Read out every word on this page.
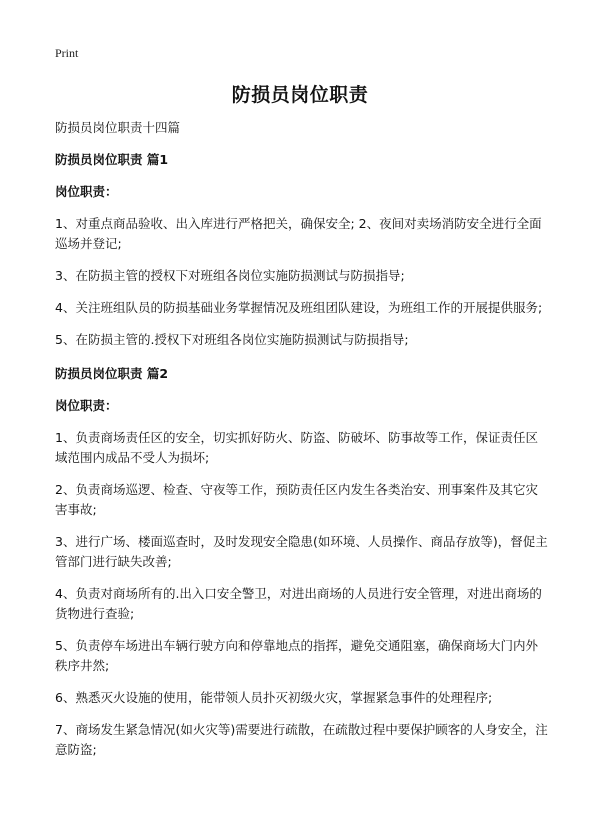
Print
防损员岗位职责

防损员岗位职责十四篇

防损员岗位职责 篇1

岗位职责：

1、对重点商品验收、出入库进行严格把关，确保安全; 2、夜间对卖场消防安全进行全面巡场并登记;

3、在防损主管的授权下对班组各岗位实施防损测试与防损指导;

4、关注班组队员的防损基础业务掌握情况及班组团队建设，为班组工作的开展提供服务;

5、在防损主管的.授权下对班组各岗位实施防损测试与防损指导;

防损员岗位职责 篇2

岗位职责：

1、负责商场责任区的安全，切实抓好防火、防盗、防破坏、防事故等工作，保证责任区域范围内成品不受人为损坏;

2、负责商场巡逻、检查、守夜等工作，预防责任区内发生各类治安、刑事案件及其它灾害事故;

3、进行广场、楼面巡查时，及时发现安全隐患(如环境、人员操作、商品存放等)，督促主管部门进行缺失改善;

4、负责对商场所有的.出入口安全警卫，对进出商场的人员进行安全管理，对进出商场的货物进行查验;

5、负责停车场进出车辆行驶方向和停靠地点的指挥，避免交通阻塞，确保商场大门内外秩序井然;

6、熟悉灭火设施的使用，能带领人员扑灭初级火灾，掌握紧急事件的处理程序;

7、商场发生紧急情况(如火灾等)需要进行疏散，在疏散过程中要保护顾客的人身安全，注意防盗;
